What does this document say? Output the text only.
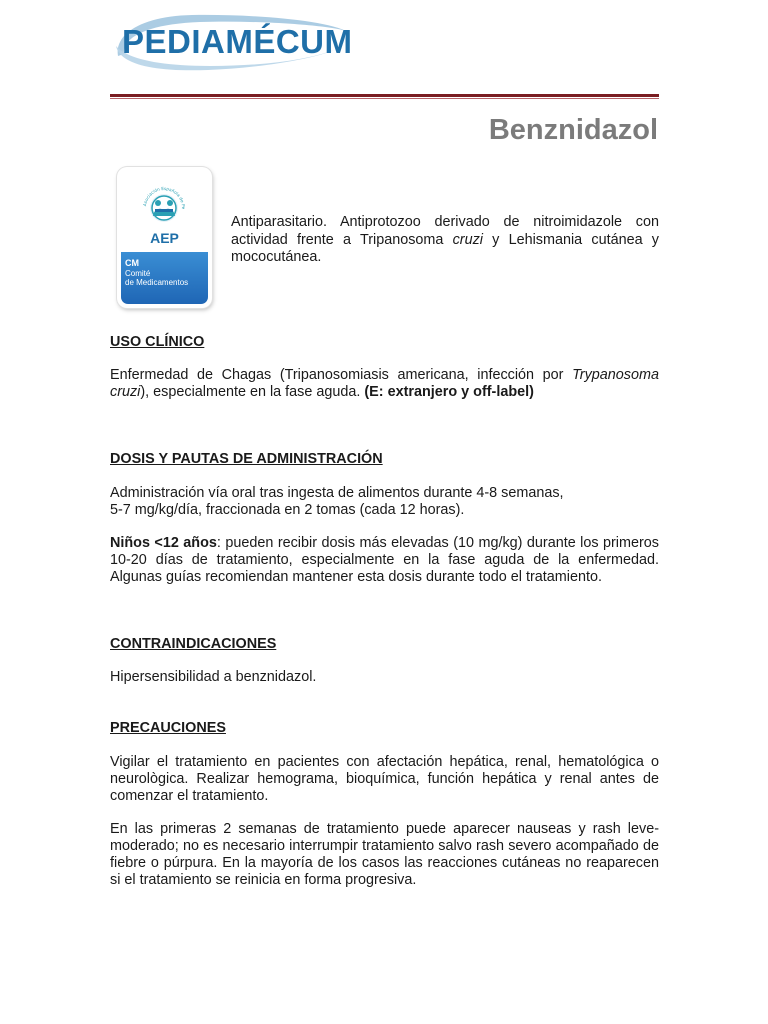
PEDIAMÉCUM
Benznidazol
Asociación Española de Pe
AEP
CM
Comité
de Medicamentos
Antiparasitario. Antiprotozoo derivado de nitroimidazole con actividad frente a Tripanosoma cruzi y Lehismania cutánea y mococutánea.
USO CLÍNICO
Enfermedad de Chagas (Tripanosomiasis americana, infección por Trypanosoma cruzi), especialmente en la fase aguda. (E: extranjero y off-label)
DOSIS Y PAUTAS DE ADMINISTRACIÓN
Administración vía oral tras ingesta de alimentos durante 4-8 semanas,
5-7 mg/kg/día, fraccionada en 2 tomas (cada 12 horas).
Niños <12 años: pueden recibir dosis más elevadas (10 mg/kg) durante los primeros 10-20 días de tratamiento, especialmente en la fase aguda de la enfermedad. Algunas guías recomiendan mantener esta dosis durante todo el tratamiento.
CONTRAINDICACIONES
Hipersensibilidad a benznidazol.
PRECAUCIONES
Vigilar el tratamiento en pacientes con afectación hepática, renal, hematológica o neurològica. Realizar hemograma, bioquímica, función hepática y renal antes de comenzar el tratamiento.
En las primeras 2 semanas de tratamiento puede aparecer nauseas y rash leve-moderado; no es necesario interrumpir tratamiento salvo rash severo acompañado de fiebre o púrpura. En la mayoría de los casos las reacciones cutáneas no reaparecen si el tratamiento se reinicia en forma progresiva.
